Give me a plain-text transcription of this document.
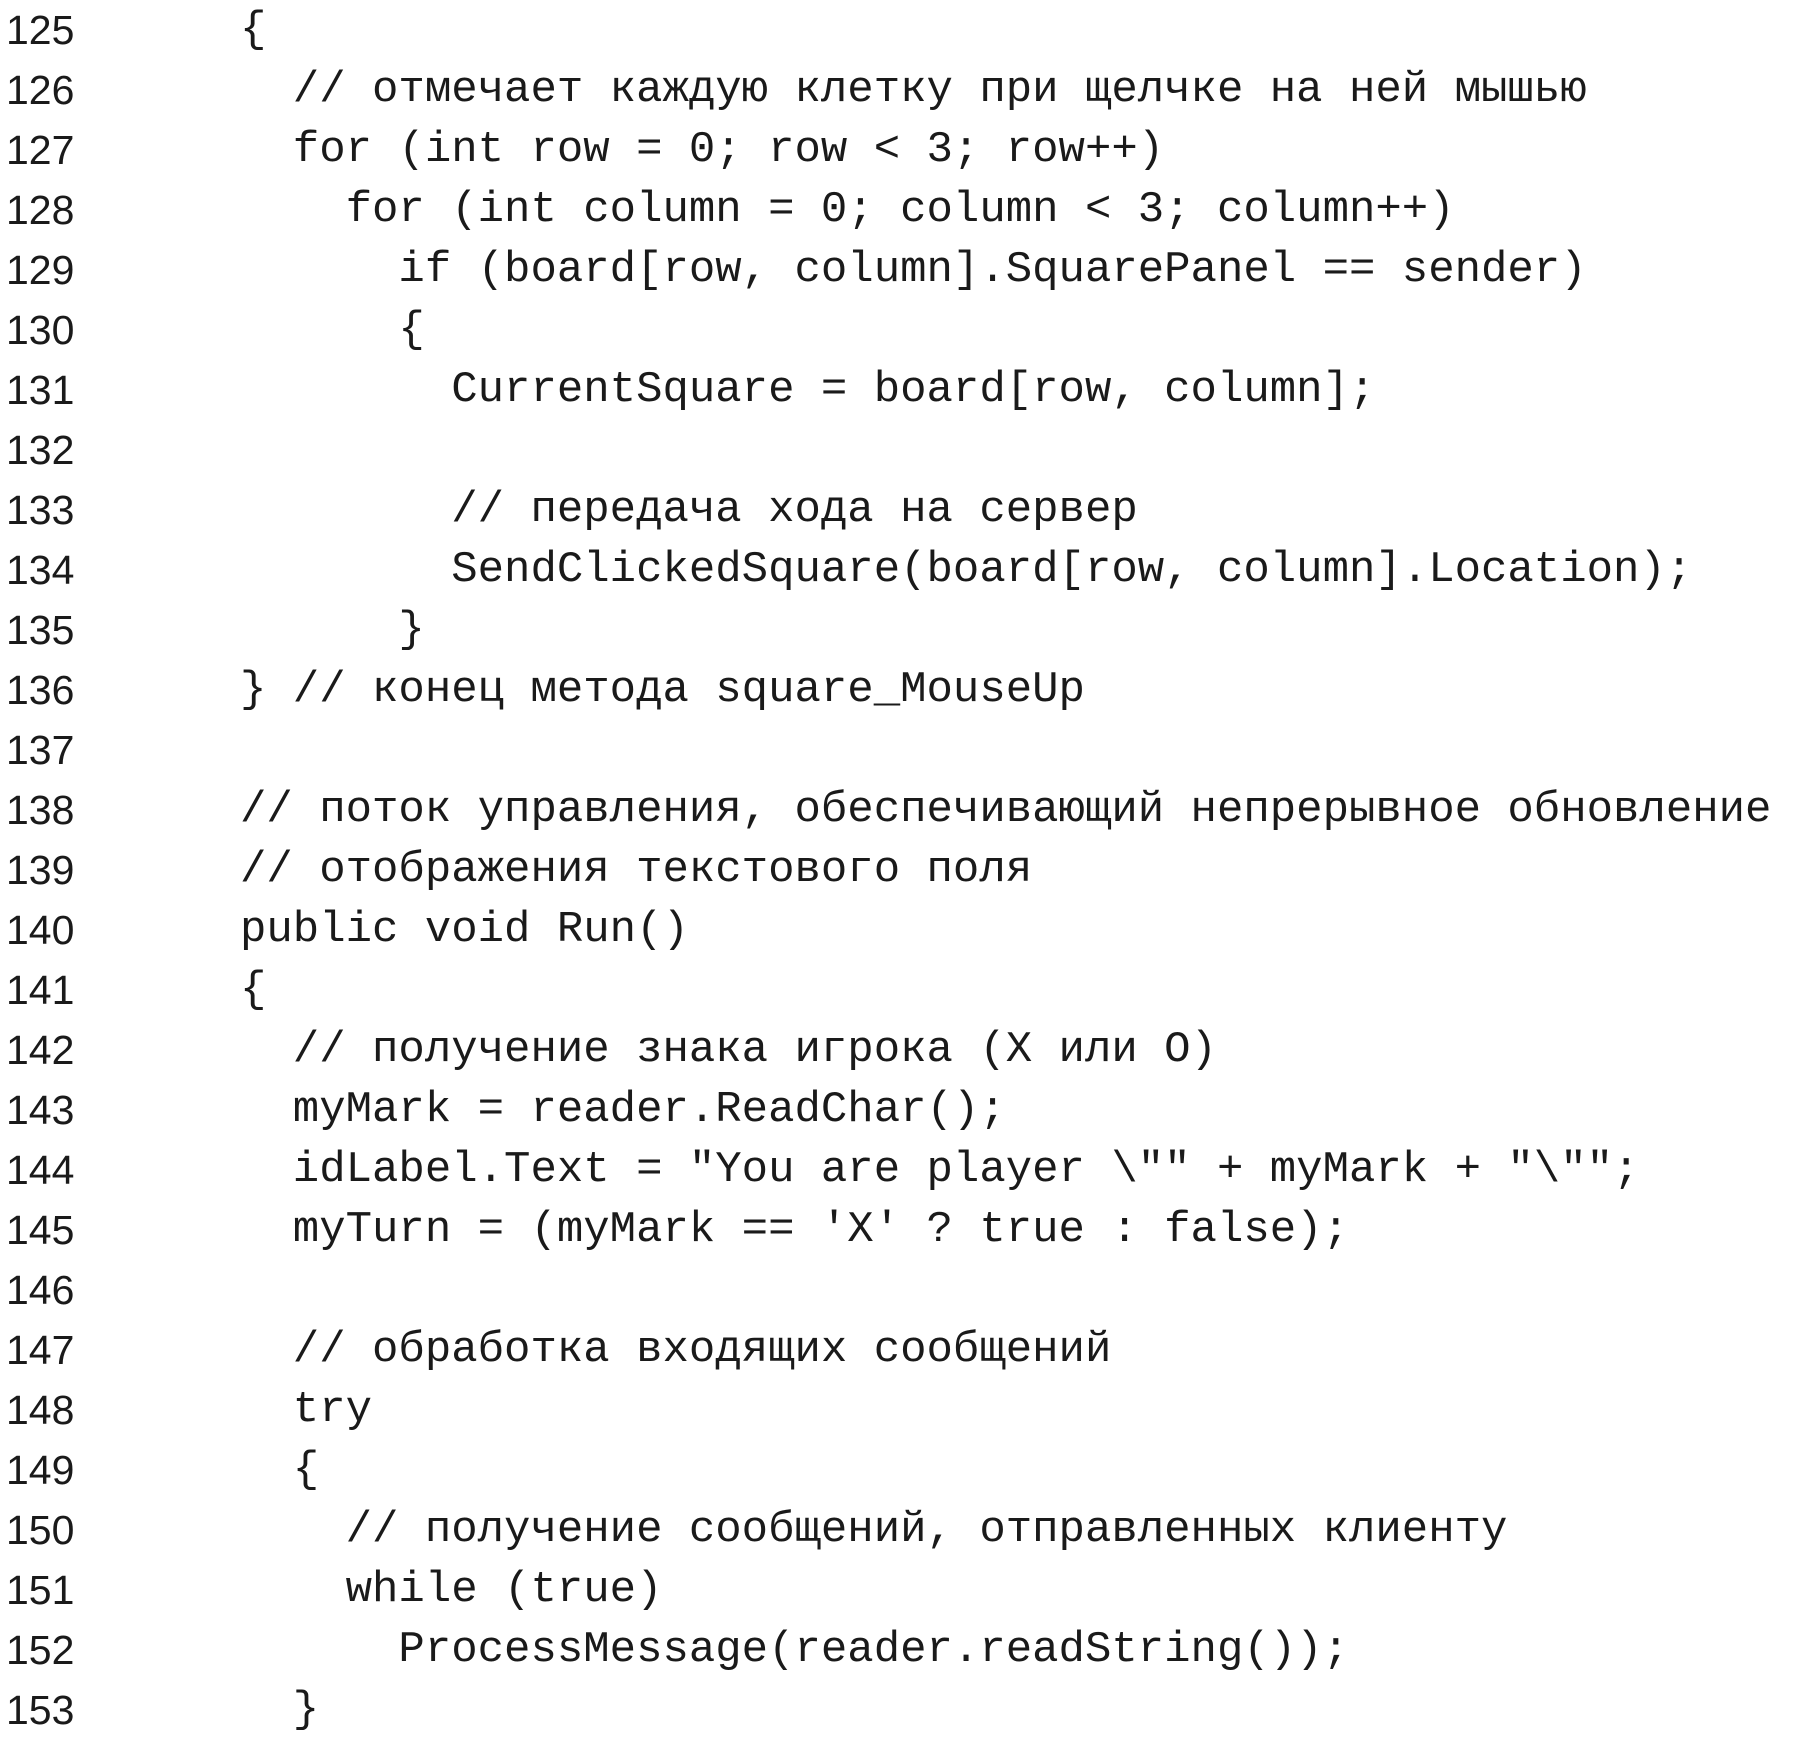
125	{
126	// отмечает каждую клетку при щелчке на ней мышью
127	for (int row = 0; row < 3; row++)
128	for (int column = 0; column < 3; column++)
129	if (board[row, column].SquarePanel == sender)
130	{
131	CurrentSquare = board[row, column];
132
133	// передача хода на сервер
134	SendClickedSquare(board[row, column].Location);
135	}
136	} // конец метода square_MouseUp
137
138	// поток управления, обеспечивающий непрерывное обновление
139	// отображения текстового поля
140	public void Run()
141	{
142	// получение знака игрока (X или O)
143	myMark = reader.ReadChar();
144	idLabel.Text = "You are player \"" + myMark + "\"";
145	myTurn = (myMark == 'X' ? true : false);
146
147	// обработка входящих сообщений
148	try
149	{
150	// получение сообщений, отправленных клиенту
151	while (true)
152	ProcessMessage(reader.readString());
153	}
